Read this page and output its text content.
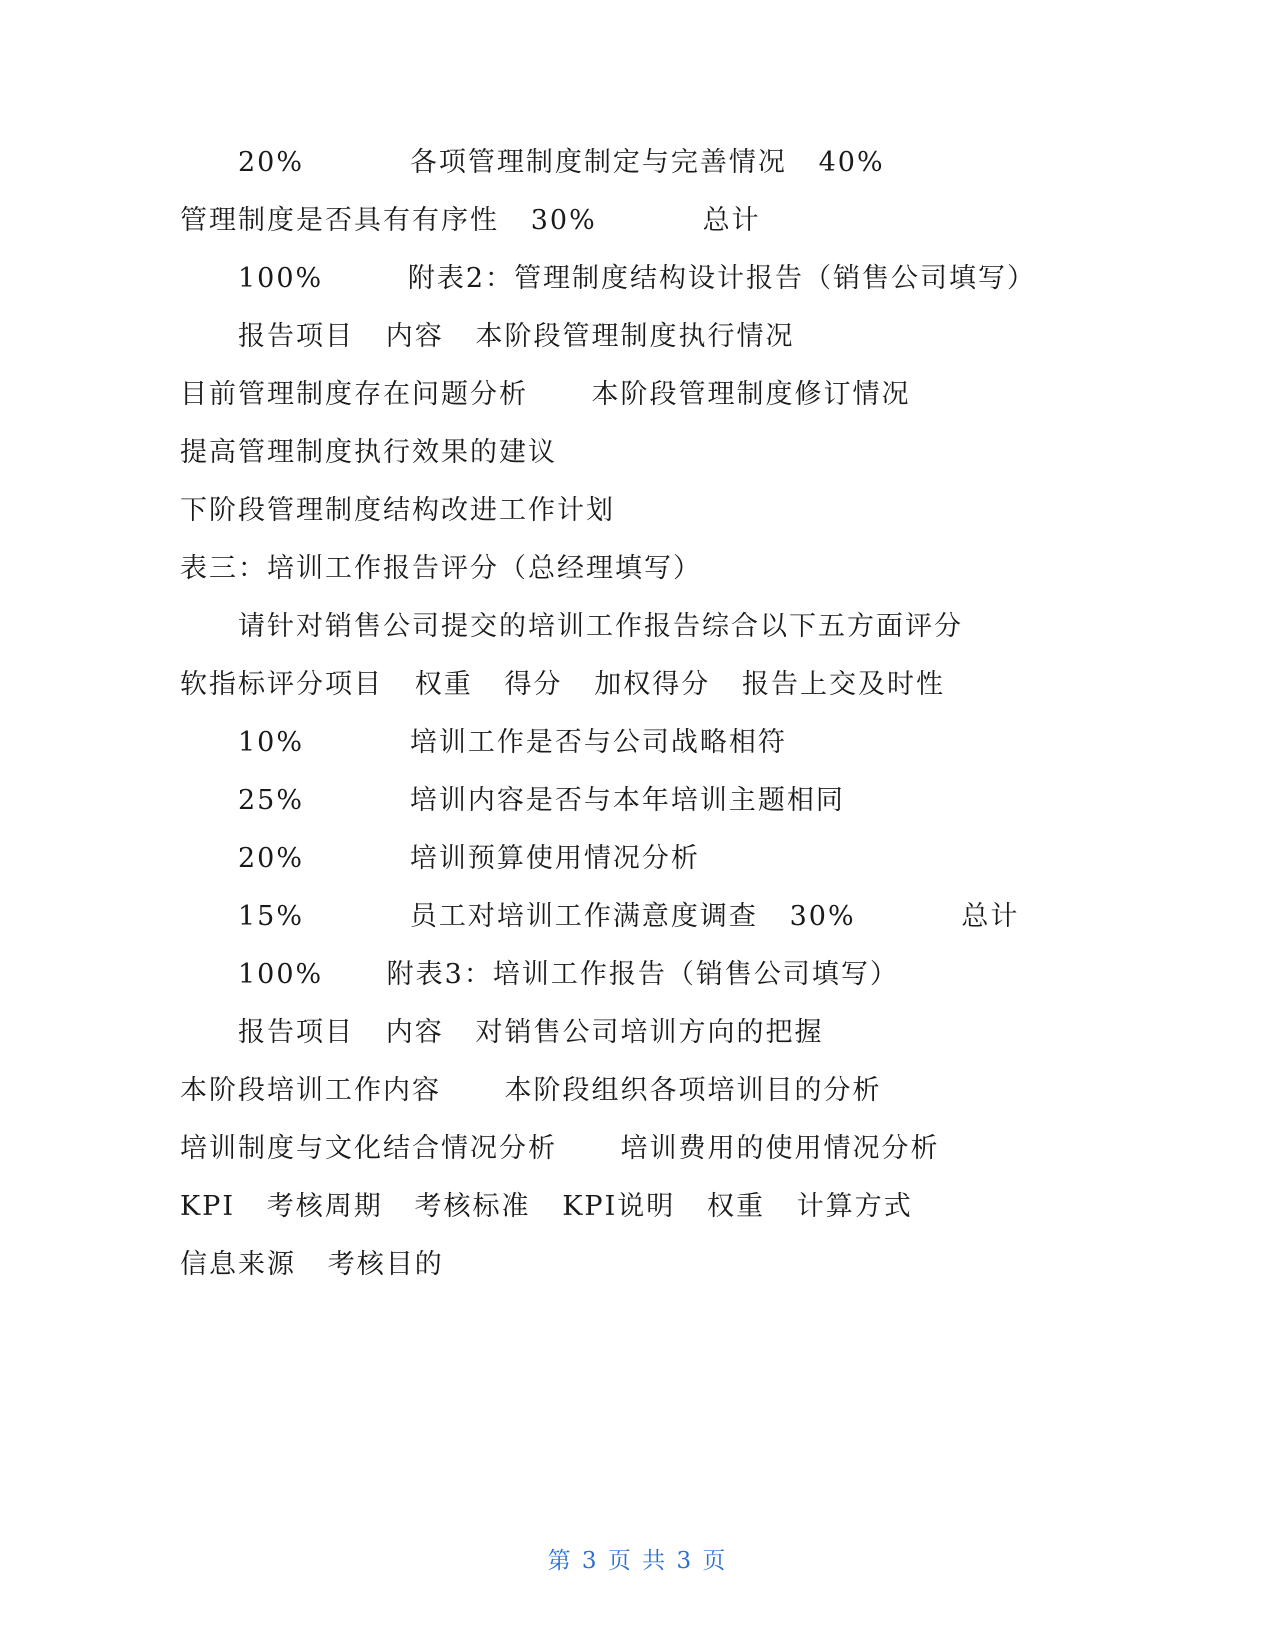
20%          各项管理制度制定与完善情况   40%
管理制度是否具有有序性   30%          总计
100%        附表2：管理制度结构设计报告（销售公司填写）
报告项目   内容   本阶段管理制度执行情况
目前管理制度存在问题分析      本阶段管理制度修订情况
提高管理制度执行效果的建议
下阶段管理制度结构改进工作计划
表三：培训工作报告评分（总经理填写）
请针对销售公司提交的培训工作报告综合以下五方面评分
软指标评分项目   权重   得分   加权得分   报告上交及时性
10%          培训工作是否与公司战略相符
25%          培训内容是否与本年培训主题相同
20%          培训预算使用情况分析
15%          员工对培训工作满意度调查   30%          总计
100%      附表3：培训工作报告（销售公司填写）
报告项目   内容   对销售公司培训方向的把握
本阶段培训工作内容      本阶段组织各项培训目的分析
培训制度与文化结合情况分析      培训费用的使用情况分析
KPI   考核周期   考核标准   KPI说明   权重   计算方式
信息来源   考核目的
第 3 页 共 3 页
